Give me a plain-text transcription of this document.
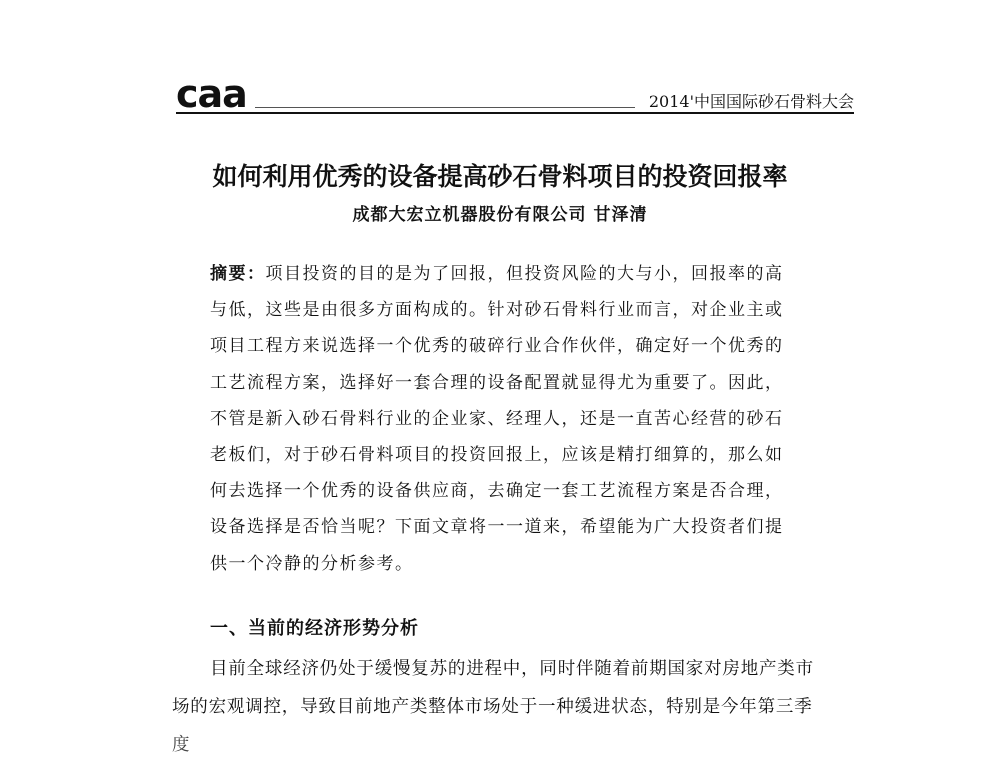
caa	2014'中国国际砂石骨料大会
如何利用优秀的设备提高砂石骨料项目的投资回报率
成都大宏立机器股份有限公司 甘泽清
摘要：项目投资的目的是为了回报，但投资风险的大与小，回报率的高
与低，这些是由很多方面构成的。针对砂石骨料行业而言，对企业主或
项目工程方来说选择一个优秀的破碎行业合作伙伴，确定好一个优秀的
工艺流程方案，选择好一套合理的设备配置就显得尤为重要了。因此，
不管是新入砂石骨料行业的企业家、经理人，还是一直苦心经营的砂石
老板们，对于砂石骨料项目的投资回报上，应该是精打细算的，那么如
何去选择一个优秀的设备供应商，去确定一套工艺流程方案是否合理，
设备选择是否恰当呢？下面文章将一一道来，希望能为广大投资者们提
供一个冷静的分析参考。
一、当前的经济形势分析
目前全球经济仍处于缓慢复苏的进程中，同时伴随着前期国家对房地产类市
场的宏观调控，导致目前地产类整体市场处于一种缓进状态，特别是今年第三季
度
